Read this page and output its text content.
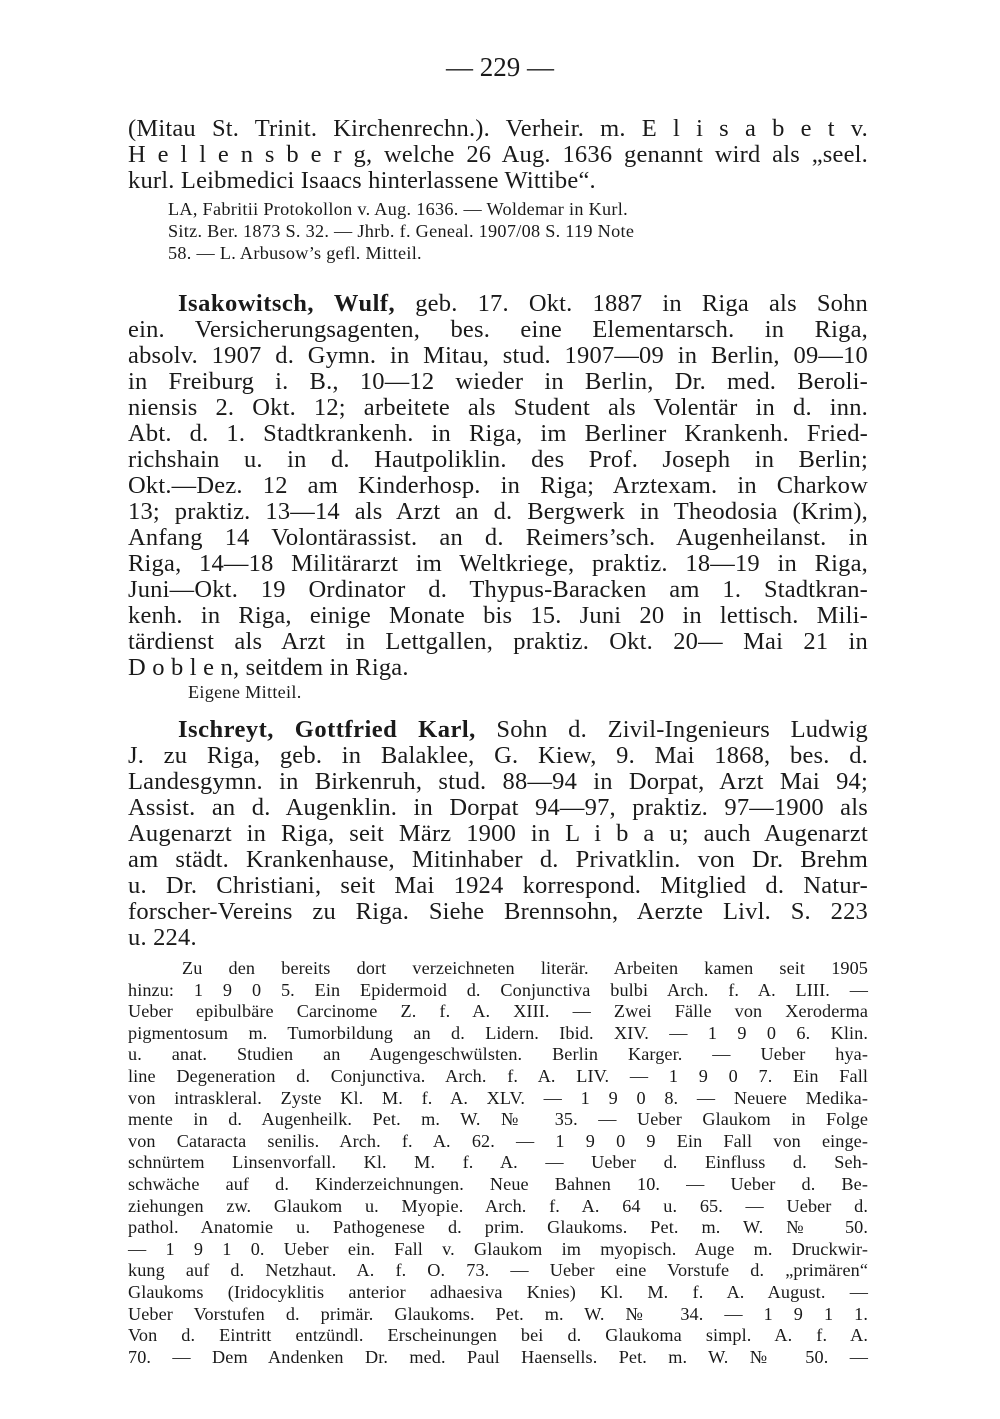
— 229 —
(Mitau St. Trinit. Kirchenrechn.). Verheir. m. E l i s a b e t v.
H e l l e n s b e r g, welche 26 Aug. 1636 genannt wird als „seel.
kurl. Leibmedici Isaacs hinterlassene Wittibe“.
LA, Fabritii Protokollon v. Aug. 1636. — Woldemar in Kurl.
Sitz. Ber. 1873 S. 32. — Jhrb. f. Geneal. 1907/08 S. 119 Note
58. — L. Arbusow’s gefl. Mitteil.
Isakowitsch, Wulf, geb. 17. Okt. 1887 in Riga als Sohn
ein. Versicherungsagenten, bes. eine Elementarsch. in Riga,
absolv. 1907 d. Gymn. in Mitau, stud. 1907—09 in Berlin, 09—10
in Freiburg i. B., 10—12 wieder in Berlin, Dr. med. Beroli-
niensis 2. Okt. 12; arbeitete als Student als Volentär in d. inn.
Abt. d. 1. Stadtkrankenh. in Riga, im Berliner Krankenh. Fried-
richshain u. in d. Hautpoliklin. des Prof. Joseph in Berlin;
Okt.—Dez. 12 am Kinderhosp. in Riga; Arztexam. in Charkow
13; praktiz. 13—14 als Arzt an d. Bergwerk in Theodosia (Krim),
Anfang 14 Volontärassist. an d. Reimers’sch. Augenheilanst. in
Riga, 14—18 Militärarzt im Weltkriege, praktiz. 18—19 in Riga,
Juni—Okt. 19 Ordinator d. Thypus-Baracken am 1. Stadtkran-
kenh. in Riga, einige Monate bis 15. Juni 20 in lettisch. Mili-
tärdienst als Arzt in Lettgallen, praktiz. Okt. 20— Mai 21 in
D o b l e n, seitdem in Riga.
Eigene Mitteil.
Ischreyt, Gottfried Karl, Sohn d. Zivil-Ingenieurs Ludwig
J. zu Riga, geb. in Balaklee, G. Kiew, 9. Mai 1868, bes. d.
Landesgymn. in Birkenruh, stud. 88—94 in Dorpat, Arzt Mai 94;
Assist. an d. Augenklin. in Dorpat 94—97, praktiz. 97—1900 als
Augenarzt in Riga, seit März 1900 in L i b a u; auch Augenarzt
am städt. Krankenhause, Mitinhaber d. Privatklin. von Dr. Brehm
u. Dr. Christiani, seit Mai 1924 korrespond. Mitglied d. Natur-
forscher-Vereins zu Riga. Siehe Brennsohn, Aerzte Livl. S. 223
u. 224.
Zu den bereits dort verzeichneten literär. Arbeiten kamen seit 1905
hinzu: 1 9 0 5. Ein Epidermoid d. Conjunctiva bulbi Arch. f. A. LIII. —
Ueber epibulbäre Carcinome Z. f. A. XIII. — Zwei Fälle von Xeroderma
pigmentosum m. Tumorbildung an d. Lidern. Ibid. XIV. — 1 9 0 6. Klin.
u. anat. Studien an Augengeschwülsten. Berlin Karger. — Ueber hya-
line Degeneration d. Conjunctiva. Arch. f. A. LIV. — 1 9 0 7. Ein Fall
von intraskleral. Zyste Kl. M. f. A. XLV. — 1 9 0 8. — Neuere Medika-
mente in d. Augenheilk. Pet. m. W. № 35. — Ueber Glaukom in Folge
von Cataracta senilis. Arch. f. A. 62. — 1 9 0 9 Ein Fall von einge-
schnürtem Linsenvorfall. Kl. M. f. A. — Ueber d. Einfluss d. Seh-
schwäche auf d. Kinderzeichnungen. Neue Bahnen 10. — Ueber d. Be-
ziehungen zw. Glaukom u. Myopie. Arch. f. A. 64 u. 65. — Ueber d.
pathol. Anatomie u. Pathogenese d. prim. Glaukoms. Pet. m. W. № 50.
— 1 9 1 0. Ueber ein. Fall v. Glaukom im myopisch. Auge m. Druckwir-
kung auf d. Netzhaut. A. f. O. 73. — Ueber eine Vorstufe d. „primären“
Glaukoms (Iridocyklitis anterior adhaesiva Knies) Kl. M. f. A. August. —
Ueber Vorstufen d. primär. Glaukoms. Pet. m. W. № 34. — 1 9 1 1.
Von d. Eintritt entzündl. Erscheinungen bei d. Glaukoma simpl. A. f. A.
70. — Dem Andenken Dr. med. Paul Haensells. Pet. m. W. № 50. —
